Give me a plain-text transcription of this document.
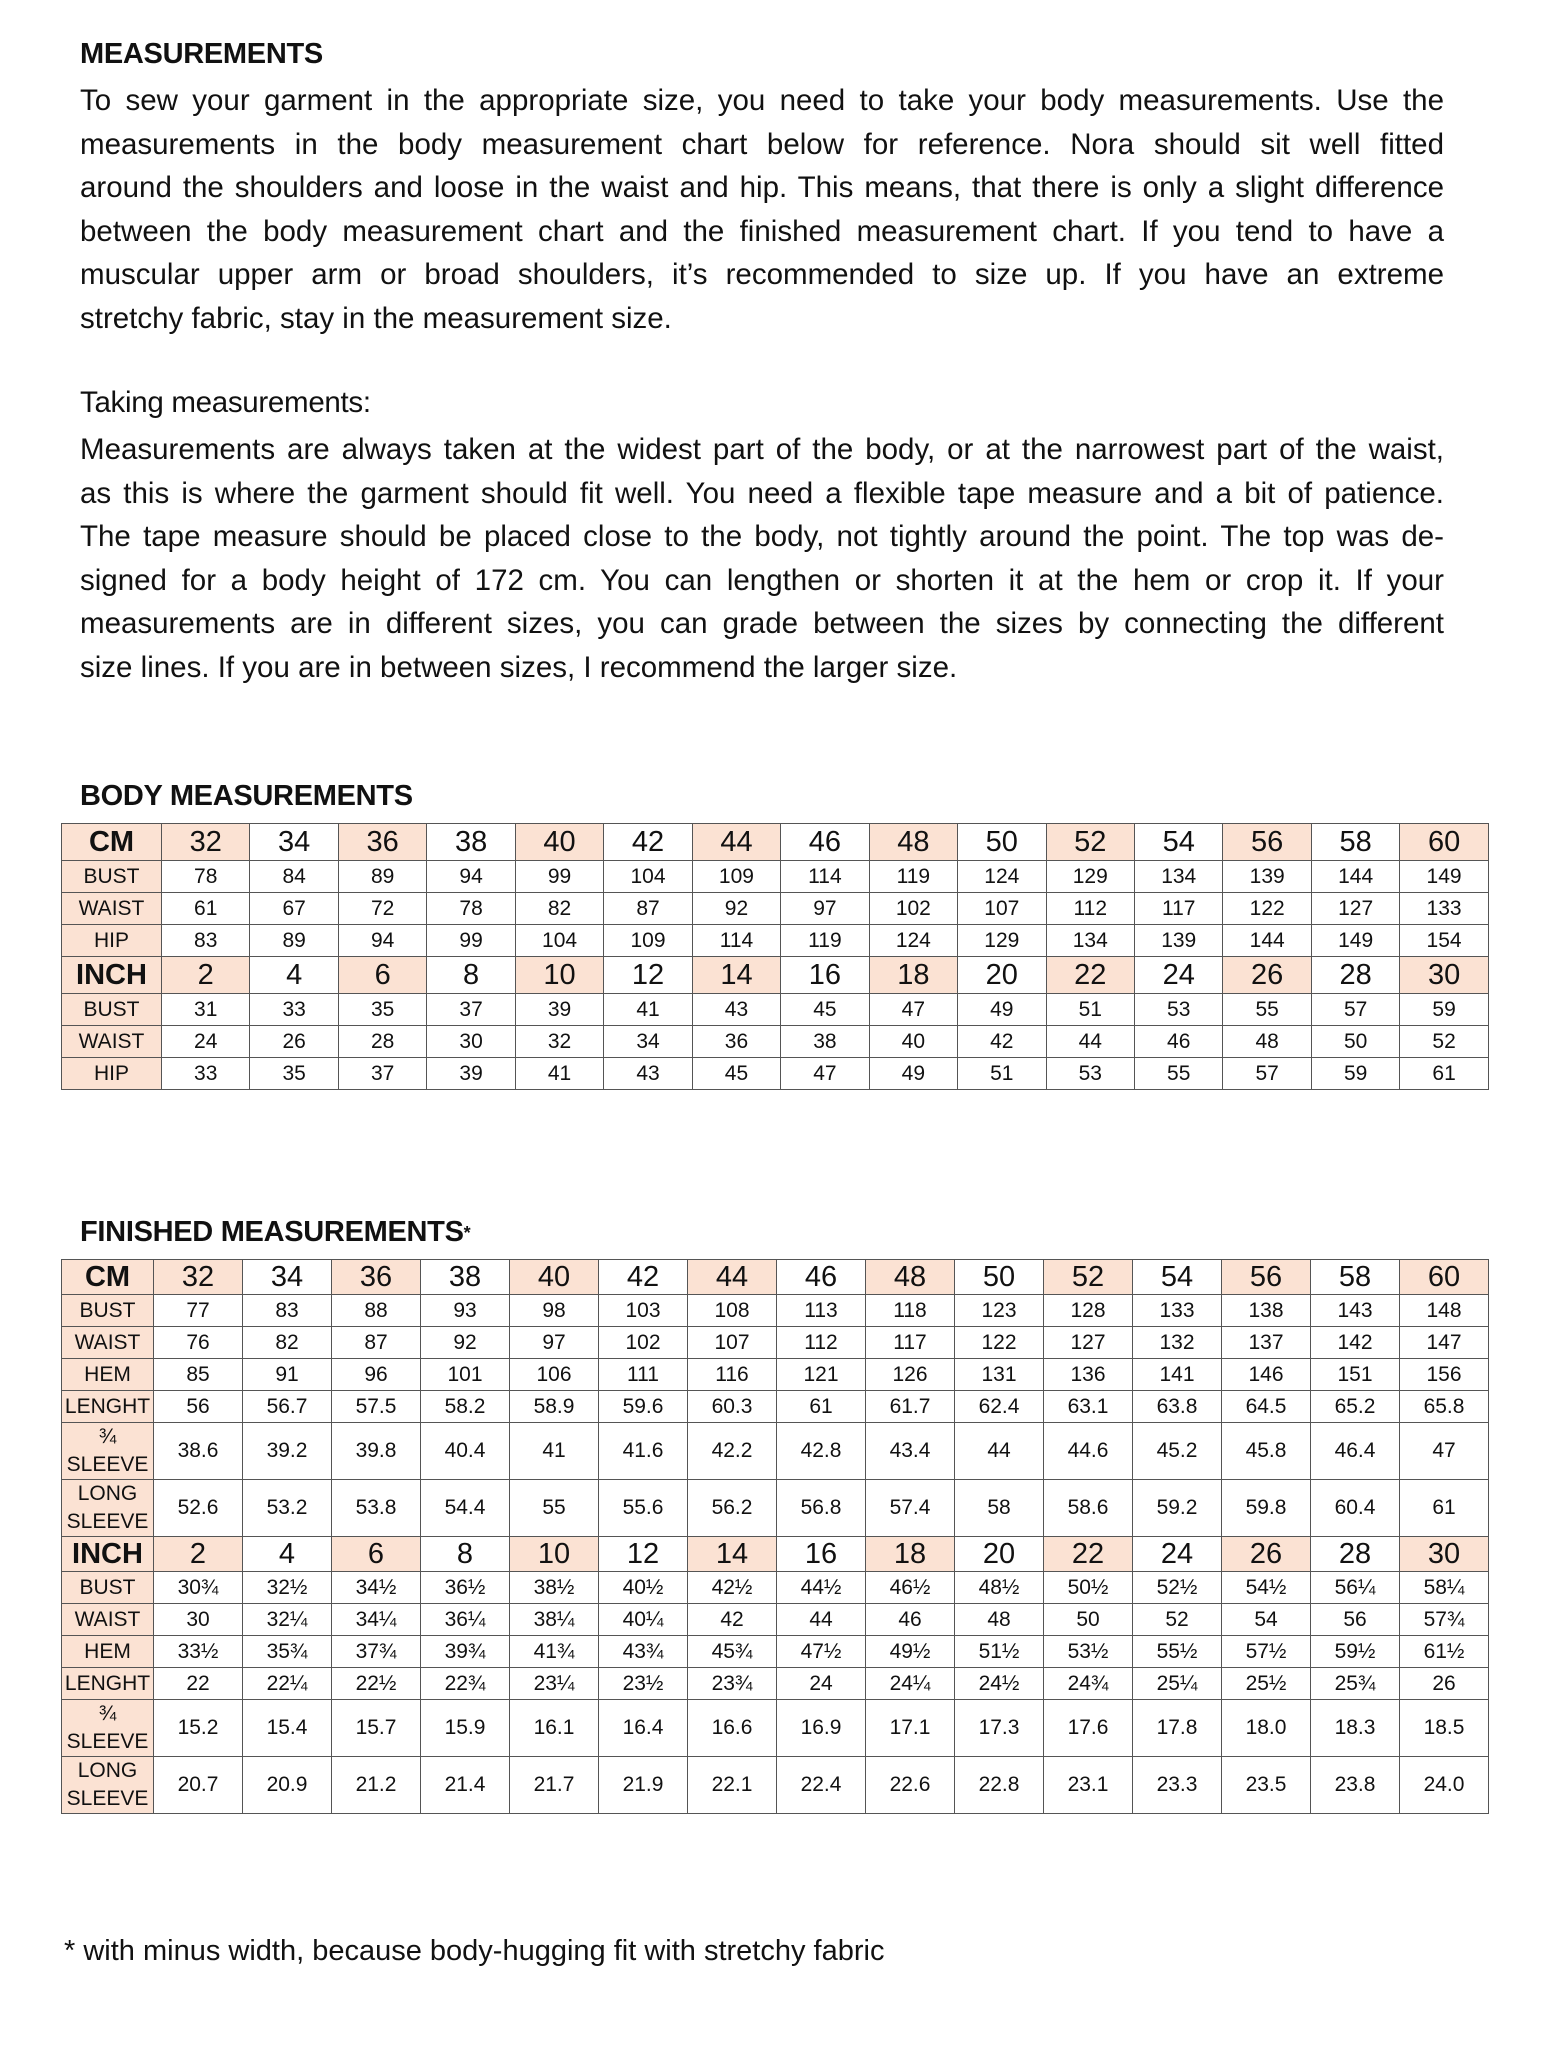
MEASUREMENTS

To sew your garment in the appropriate size, you need to take your body measurements. Use the
measurements in the body measurement chart below for reference. Nora should sit well fitted
around the shoulders and loose in the waist and hip. This means, that there is only a slight difference
between the body measurement chart and the finished measurement chart. If you tend to have a
muscular upper arm or broad shoulders, it’s recommended to size up. If you have an extreme
stretchy fabric, stay in the measurement size.

Taking measurements:

Measurements are always taken at the widest part of the body, or at the narrowest part of the waist,
as this is where the garment should fit well. You need a flexible tape measure and a bit of patience.
The tape measure should be placed close to the body, not tightly around the point. The top was de-
signed for a body height of 172 cm. You can lengthen or shorten it at the hem or crop it. If your
measurements are in different sizes, you can grade between the sizes by connecting the different
size lines. If you are in between sizes, I recommend the larger size.

BODY MEASUREMENTS
CM	32	34	36	38	40	42	44	46	48	50	52	54	56	58	60
BUST	78	84	89	94	99	104	109	114	119	124	129	134	139	144	149
WAIST	61	67	72	78	82	87	92	97	102	107	112	117	122	127	133
HIP	83	89	94	99	104	109	114	119	124	129	134	139	144	149	154
INCH	2	4	6	8	10	12	14	16	18	20	22	24	26	28	30
BUST	31	33	35	37	39	41	43	45	47	49	51	53	55	57	59
WAIST	24	26	28	30	32	34	36	38	40	42	44	46	48	50	52
HIP	33	35	37	39	41	43	45	47	49	51	53	55	57	59	61
FINISHED MEASUREMENTS*
CM	32	34	36	38	40	42	44	46	48	50	52	54	56	58	60
BUST	77	83	88	93	98	103	108	113	118	123	128	133	138	143	148
WAIST	76	82	87	92	97	102	107	112	117	122	127	132	137	142	147
HEM	85	91	96	101	106	111	116	121	126	131	136	141	146	151	156
LENGHT	56	56.7	57.5	58.2	58.9	59.6	60.3	61	61.7	62.4	63.1	63.8	64.5	65.2	65.8

¾
SLEEVE	38.6	39.2	39.8	40.4	41	41.6	42.2	42.8	43.4	44	44.6	45.2	45.8	46.4	47

LONG
SLEEVE	52.6	53.2	53.8	54.4	55	55.6	56.2	56.8	57.4	58	58.6	59.2	59.8	60.4	61
INCH	2	4	6	8	10	12	14	16	18	20	22	24	26	28	30
BUST	30¾	32½	34½	36½	38½	40½	42½	44½	46½	48½	50½	52½	54½	56¼	58¼
WAIST	30	32¼	34¼	36¼	38¼	40¼	42	44	46	48	50	52	54	56	57¾
HEM	33½	35¾	37¾	39¾	41¾	43¾	45¾	47½	49½	51½	53½	55½	57½	59½	61½
LENGHT	22	22¼	22½	22¾	23¼	23½	23¾	24	24¼	24½	24¾	25¼	25½	25¾	26

¾
SLEEVE	15.2	15.4	15.7	15.9	16.1	16.4	16.6	16.9	17.1	17.3	17.6	17.8	18.0	18.3	18.5

LONG
SLEEVE	20.7	20.9	21.2	21.4	21.7	21.9	22.1	22.4	22.6	22.8	23.1	23.3	23.5	23.8	24.0
* with minus width, because body-hugging fit with stretchy fabric
